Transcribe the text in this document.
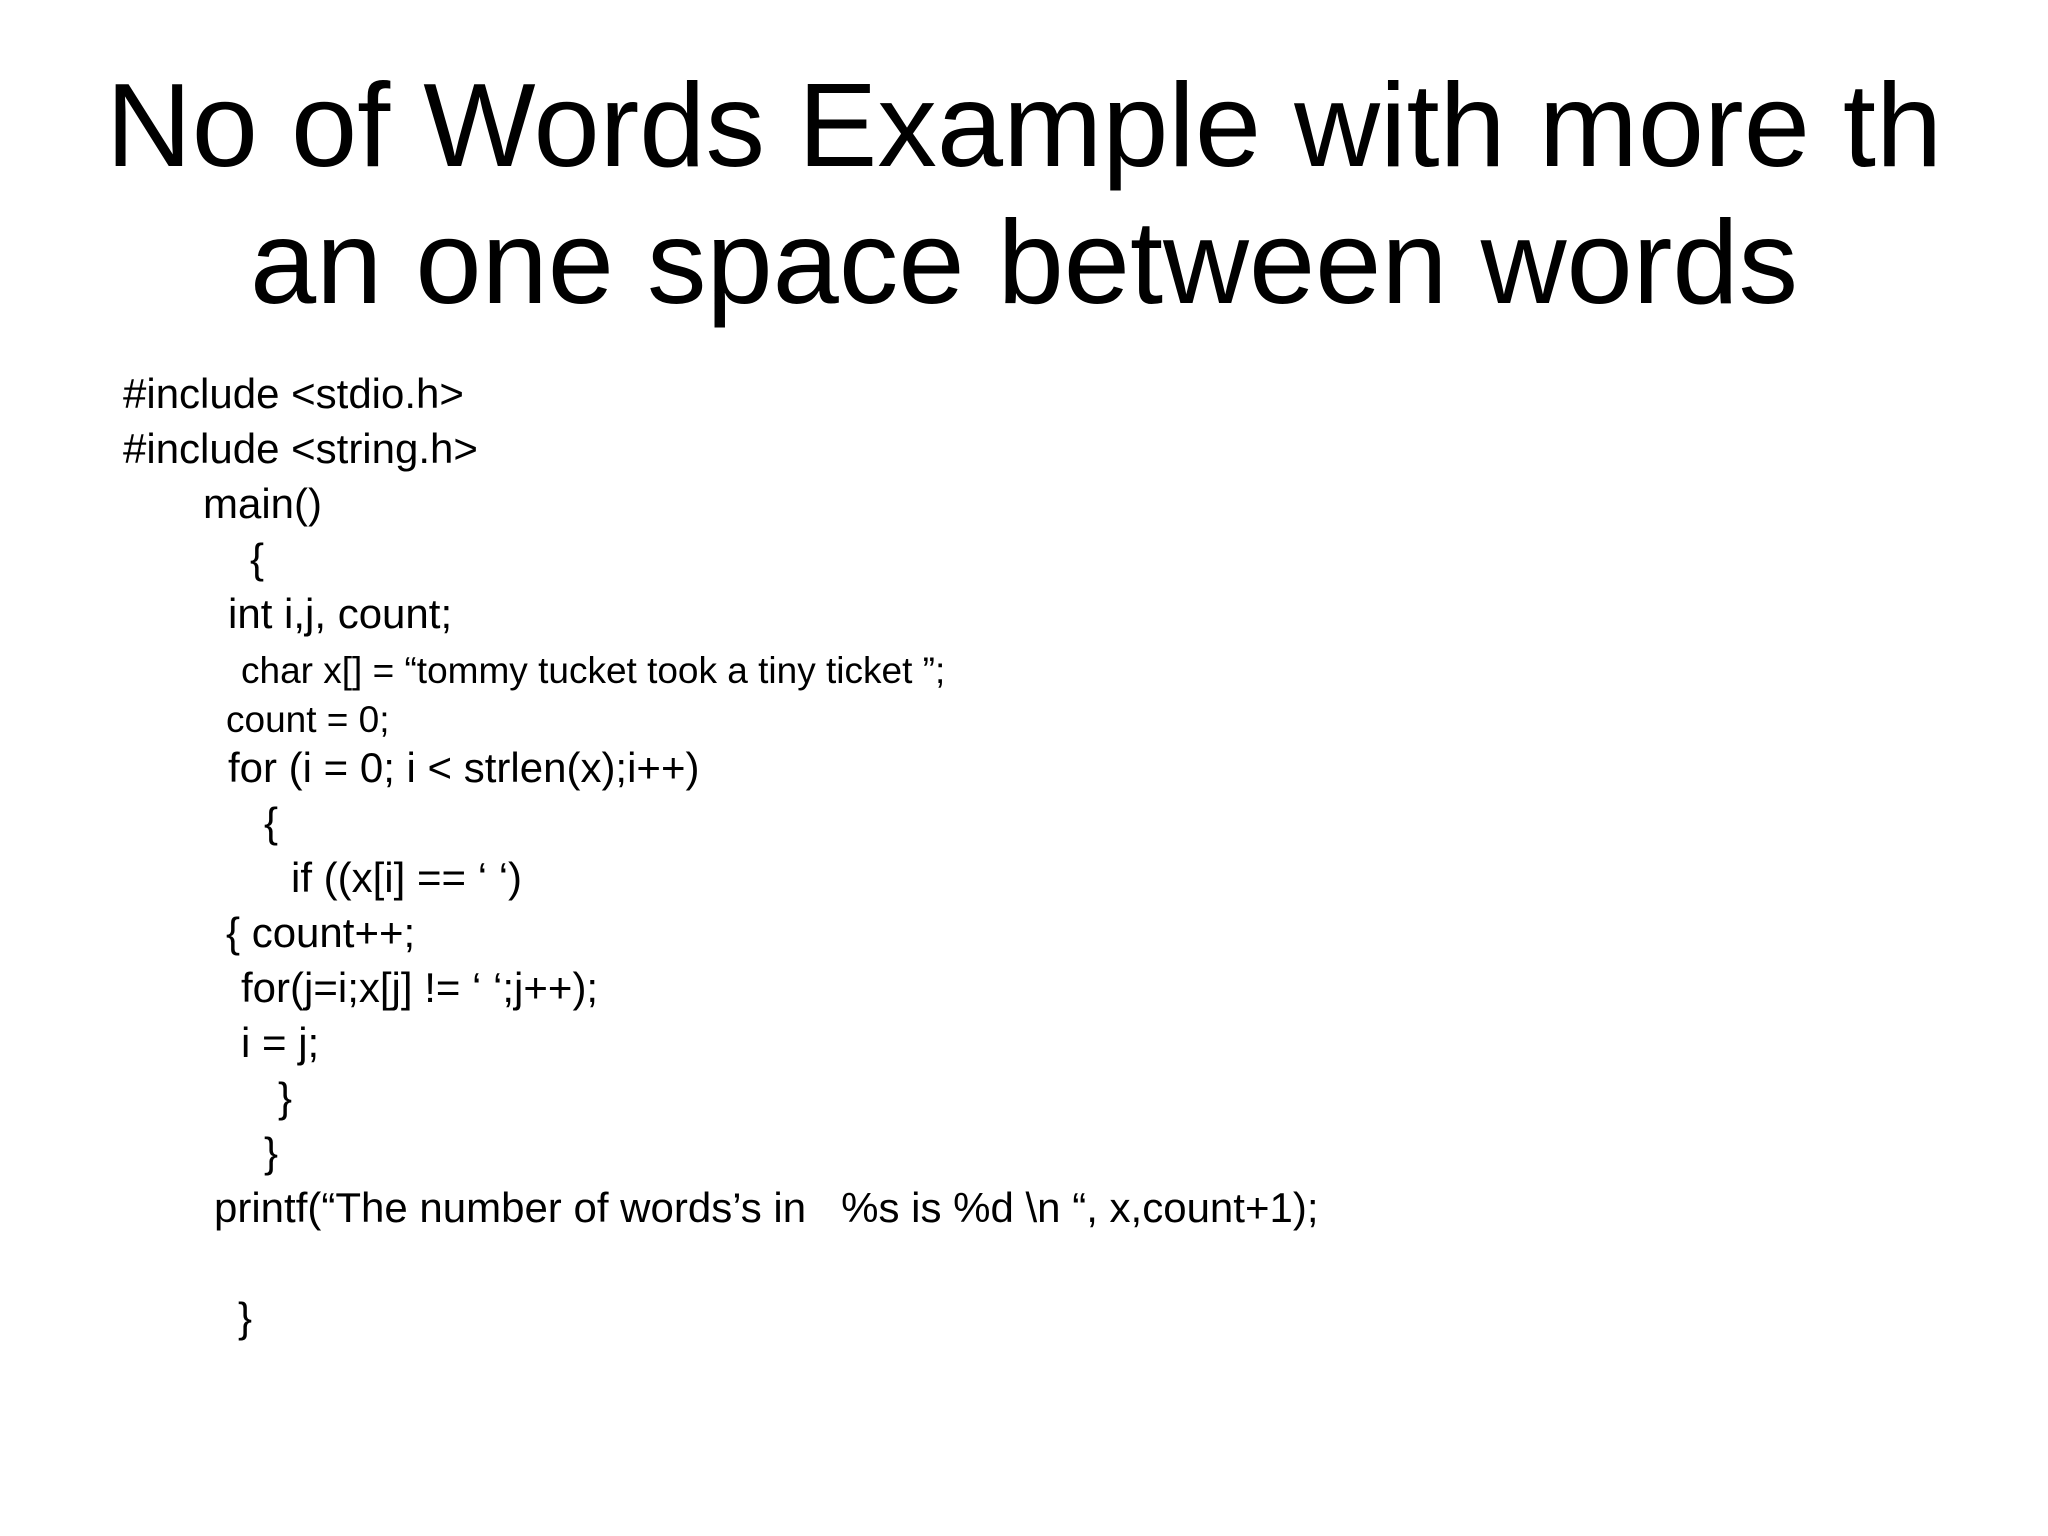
No of Words Example with more th
an one space between words
#include <stdio.h>
#include <string.h>
main()
{
int i,j, count;
char x[] = “tommy tucket took a tiny ticket ”;
count = 0;
for (i = 0; i < strlen(x);i++)
{
if ((x[i] == ‘ ‘)
{ count++;
for(j=i;x[j] != ‘ ‘;j++);
i = j;
}
}
printf(“The number of words’s in   %s is %d \n “, x,count+1);
}
